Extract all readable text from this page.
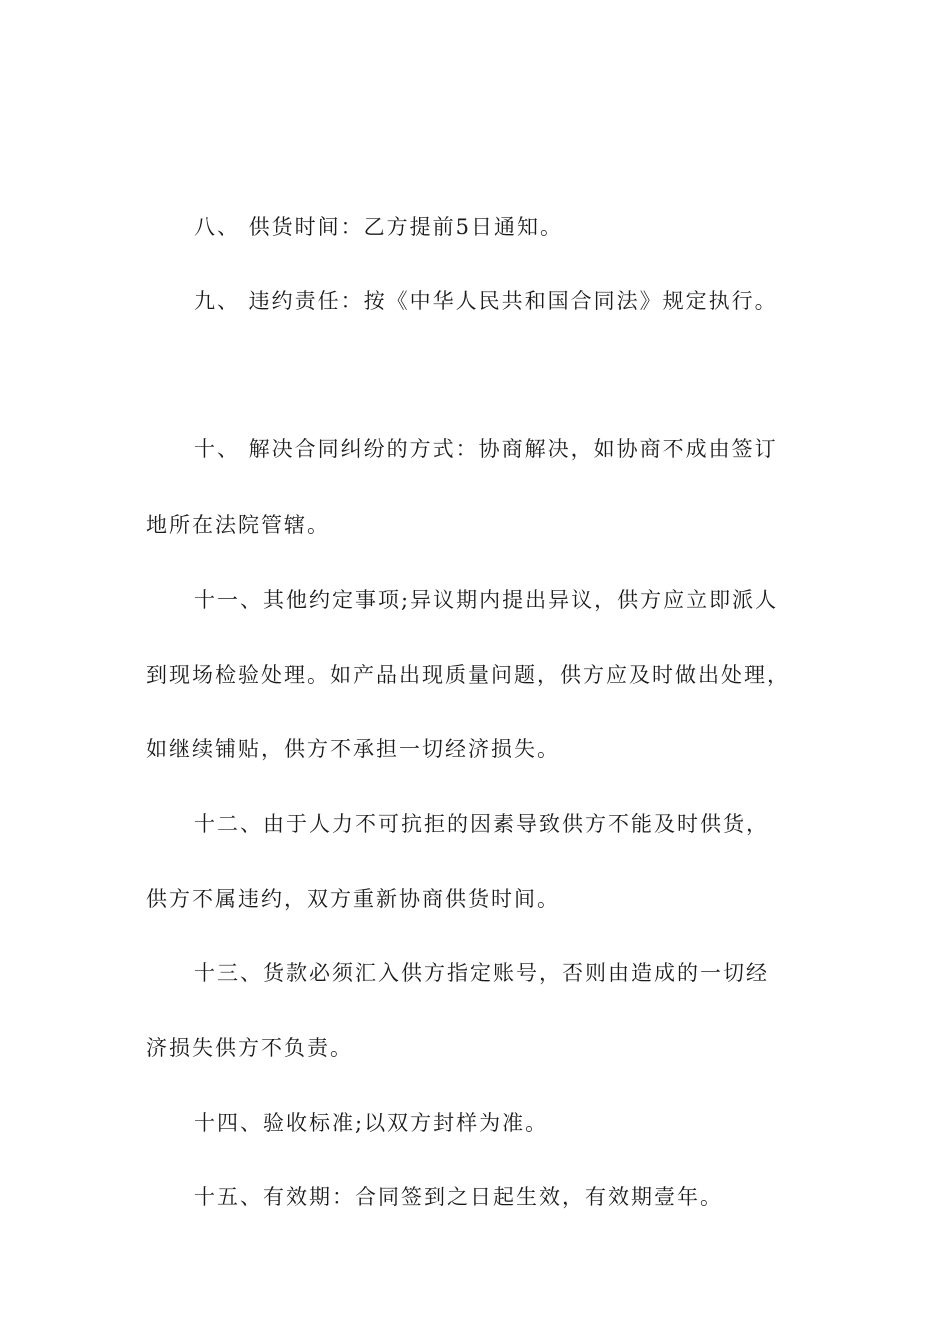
八、 供货时间：乙方提前5日通知。
九、 违约责任：按《中华人民共和国合同法》规定执行。
十、 解决合同纠纷的方式：协商解决，如协商不成由签订
地所在法院管辖。
十一、其他约定事项;异议期内提出异议，供方应立即派人
到现场检验处理。如产品出现质量问题，供方应及时做出处理，
如继续铺贴，供方不承担一切经济损失。
十二、由于人力不可抗拒的因素导致供方不能及时供货，
供方不属违约，双方重新协商供货时间。
十三、货款必须汇入供方指定账号，否则由造成的一切经
济损失供方不负责。
十四、验收标准;以双方封样为准。
十五、有效期：合同签到之日起生效，有效期壹年。
